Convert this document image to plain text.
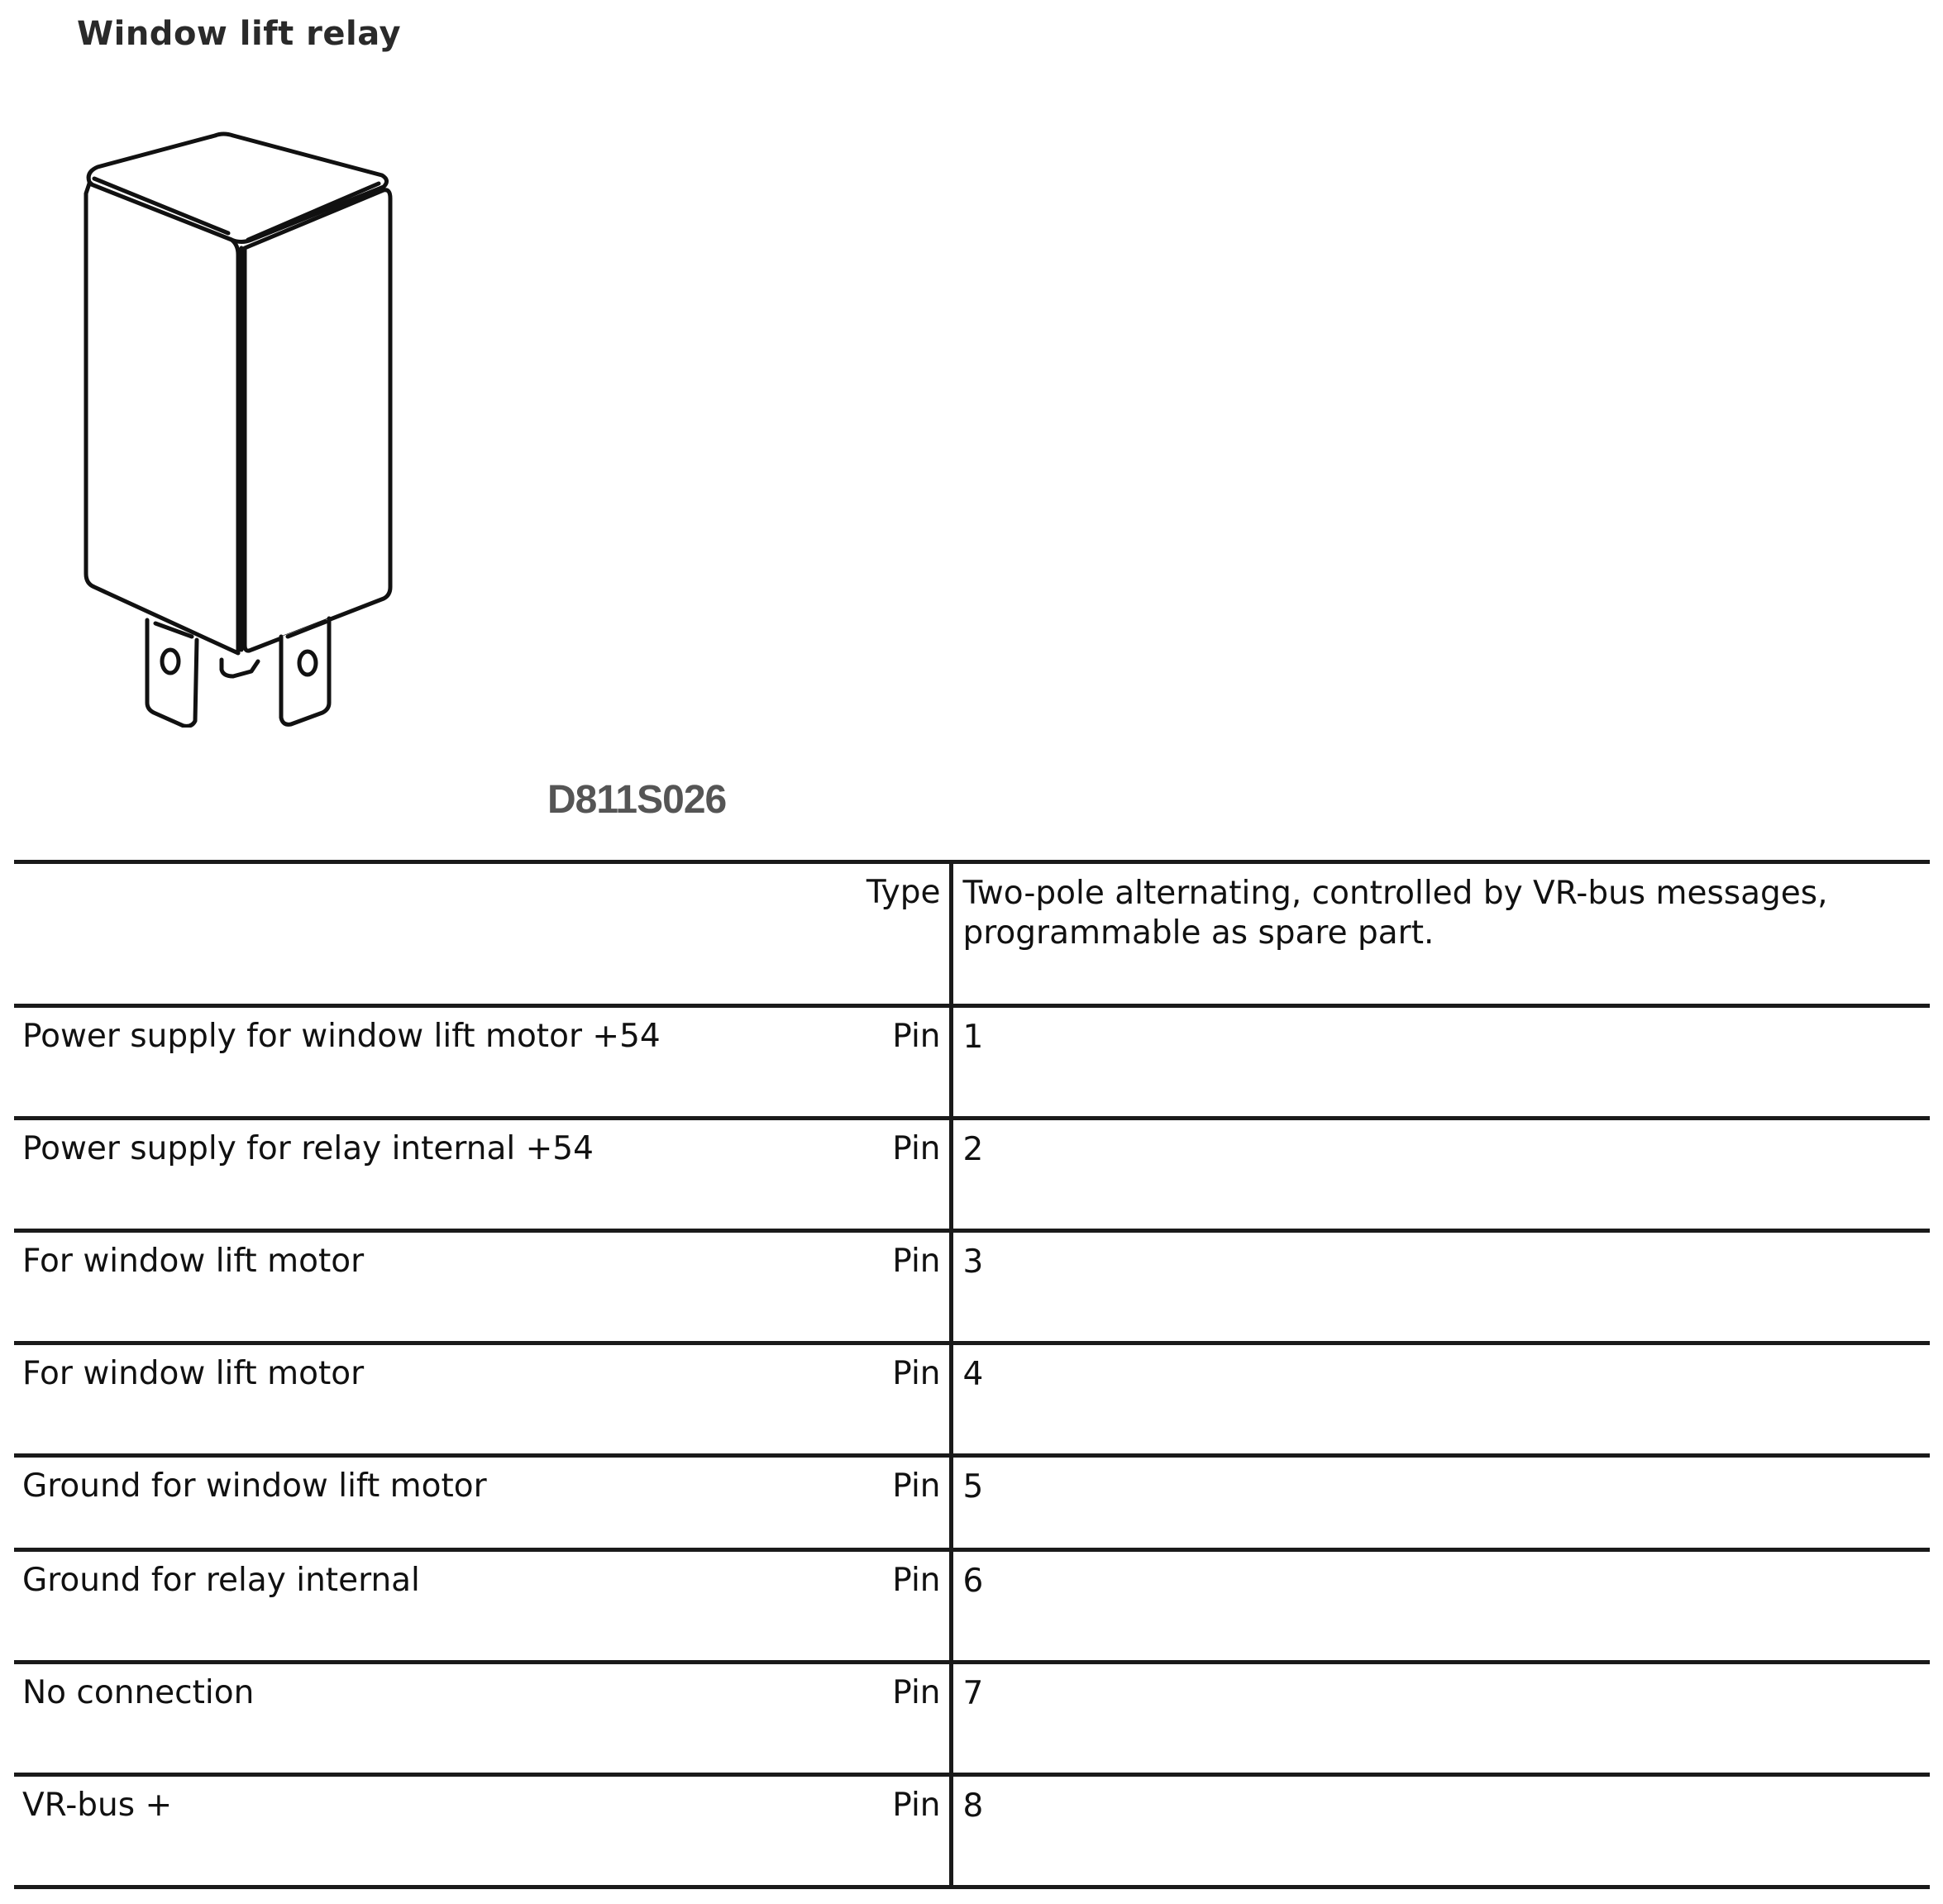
Window lift relay
D811S026
	Type	Two-pole alternating, controlled by VR-bus messages,
programmable as spare part.

Power supply for window lift motor +54	Pin	1
Power supply for relay internal +54	Pin	2
For window lift motor	Pin	3
For window lift motor	Pin	4
Ground for window lift motor	Pin	5
Ground for relay internal	Pin	6
No connection	Pin	7
VR-bus +	Pin	8
